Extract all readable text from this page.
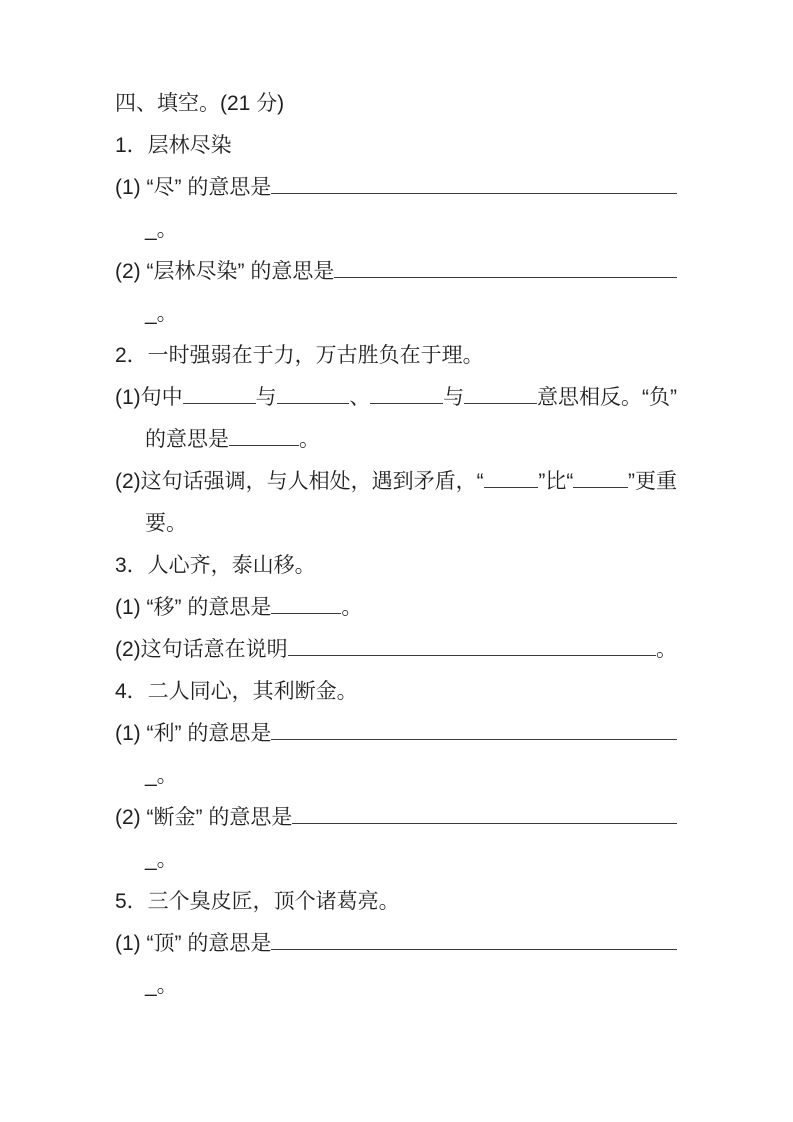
四、填空。(21 分)
1．层林尽染
(1) “尽” 的意思是
_。
(2) “层林尽染” 的意思是
_。
2．一时强弱在于力，万古胜负在于理。
(1)句中	与	、	与	意思相反。“负”
的意思是	。
(2)这句话强调，与人相处，遇到矛盾，“	”比“	”更重
要。
3．人心齐，泰山移。
(1) “移” 的意思是	。
(2)这句话意在说明	。
4．二人同心，其利断金。
(1) “利” 的意思是
_。
(2) “断金” 的意思是
_。
5．三个臭皮匠，顶个诸葛亮。
(1) “顶” 的意思是
_。
